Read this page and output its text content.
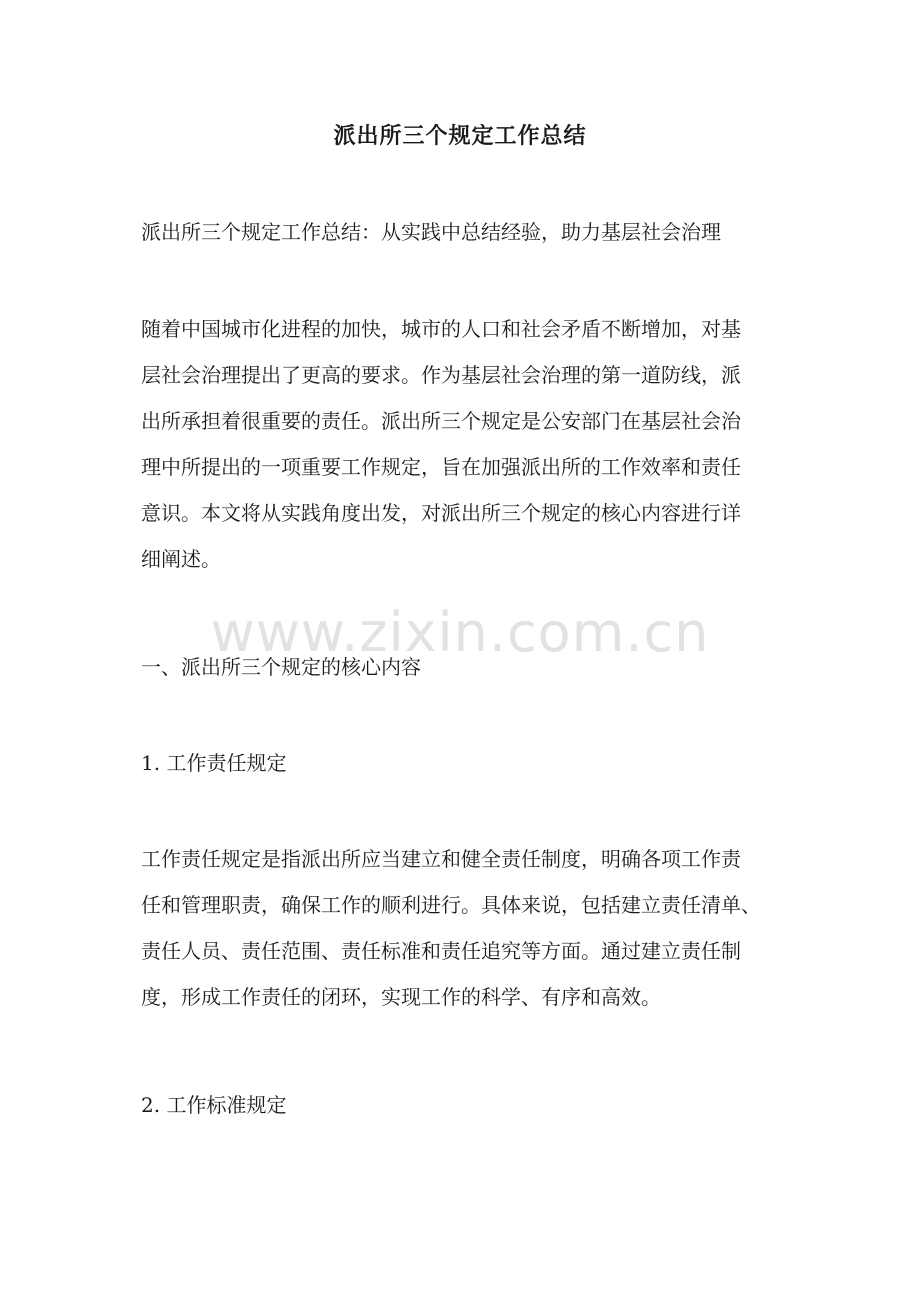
派出所三个规定工作总结
派出所三个规定工作总结：从实践中总结经验，助力基层社会治理
随着中国城市化进程的加快，城市的人口和社会矛盾不断增加，对基
层社会治理提出了更高的要求。作为基层社会治理的第一道防线，派
出所承担着很重要的责任。派出所三个规定是公安部门在基层社会治
理中所提出的一项重要工作规定，旨在加强派出所的工作效率和责任
意识。本文将从实践角度出发，对派出所三个规定的核心内容进行详
细阐述。
一、派出所三个规定的核心内容
1. 工作责任规定
工作责任规定是指派出所应当建立和健全责任制度，明确各项工作责
任和管理职责，确保工作的顺利进行。具体来说，包括建立责任清单、
责任人员、责任范围、责任标准和责任追究等方面。通过建立责任制
度，形成工作责任的闭环，实现工作的科学、有序和高效。
2. 工作标准规定
www.zixin.com.cn
